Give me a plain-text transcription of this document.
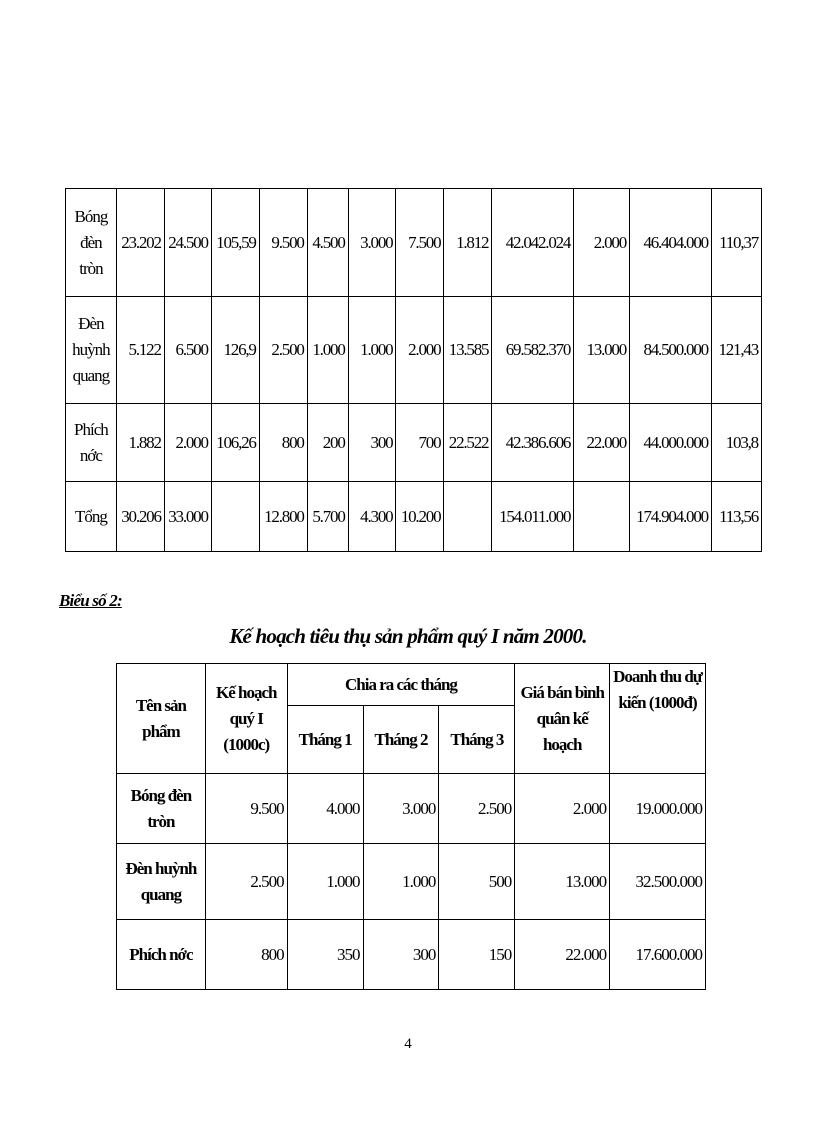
Bóng đèn tròn	23.202	24.500	105,59	9.500	4.500	3.000	7.500	1.812	42.042.024	2.000	46.404.000	110,37
Đèn huỳnh quang	5.122	6.500	126,9	2.500	1.000	1.000	2.000	13.585	69.582.370	13.000	84.500.000	121,43
Phích nớc	1.882	2.000	106,26	800	200	300	700	22.522	42.386.606	22.000	44.000.000	103,8
Tổng	30.206	33.000		12.800	5.700	4.300	10.200		154.011.000		174.904.000	113,56
Biểu số 2:
Kế hoạch tiêu thụ sản phẩm quý I năm 2000.
Tên sản phẩm	Kế hoạch quý I (1000c)	Chia ra các tháng			Giá bán bình quân kế hoạch	Doanh thu dự kiến (1000đ)
		Tháng 1	Tháng 2	Tháng 3		
Bóng đèn tròn	9.500	4.000	3.000	2.500	2.000	19.000.000
Đèn huỳnh quang	2.500	1.000	1.000	500	13.000	32.500.000
Phích nớc	800	350	300	150	22.000	17.600.000
4
